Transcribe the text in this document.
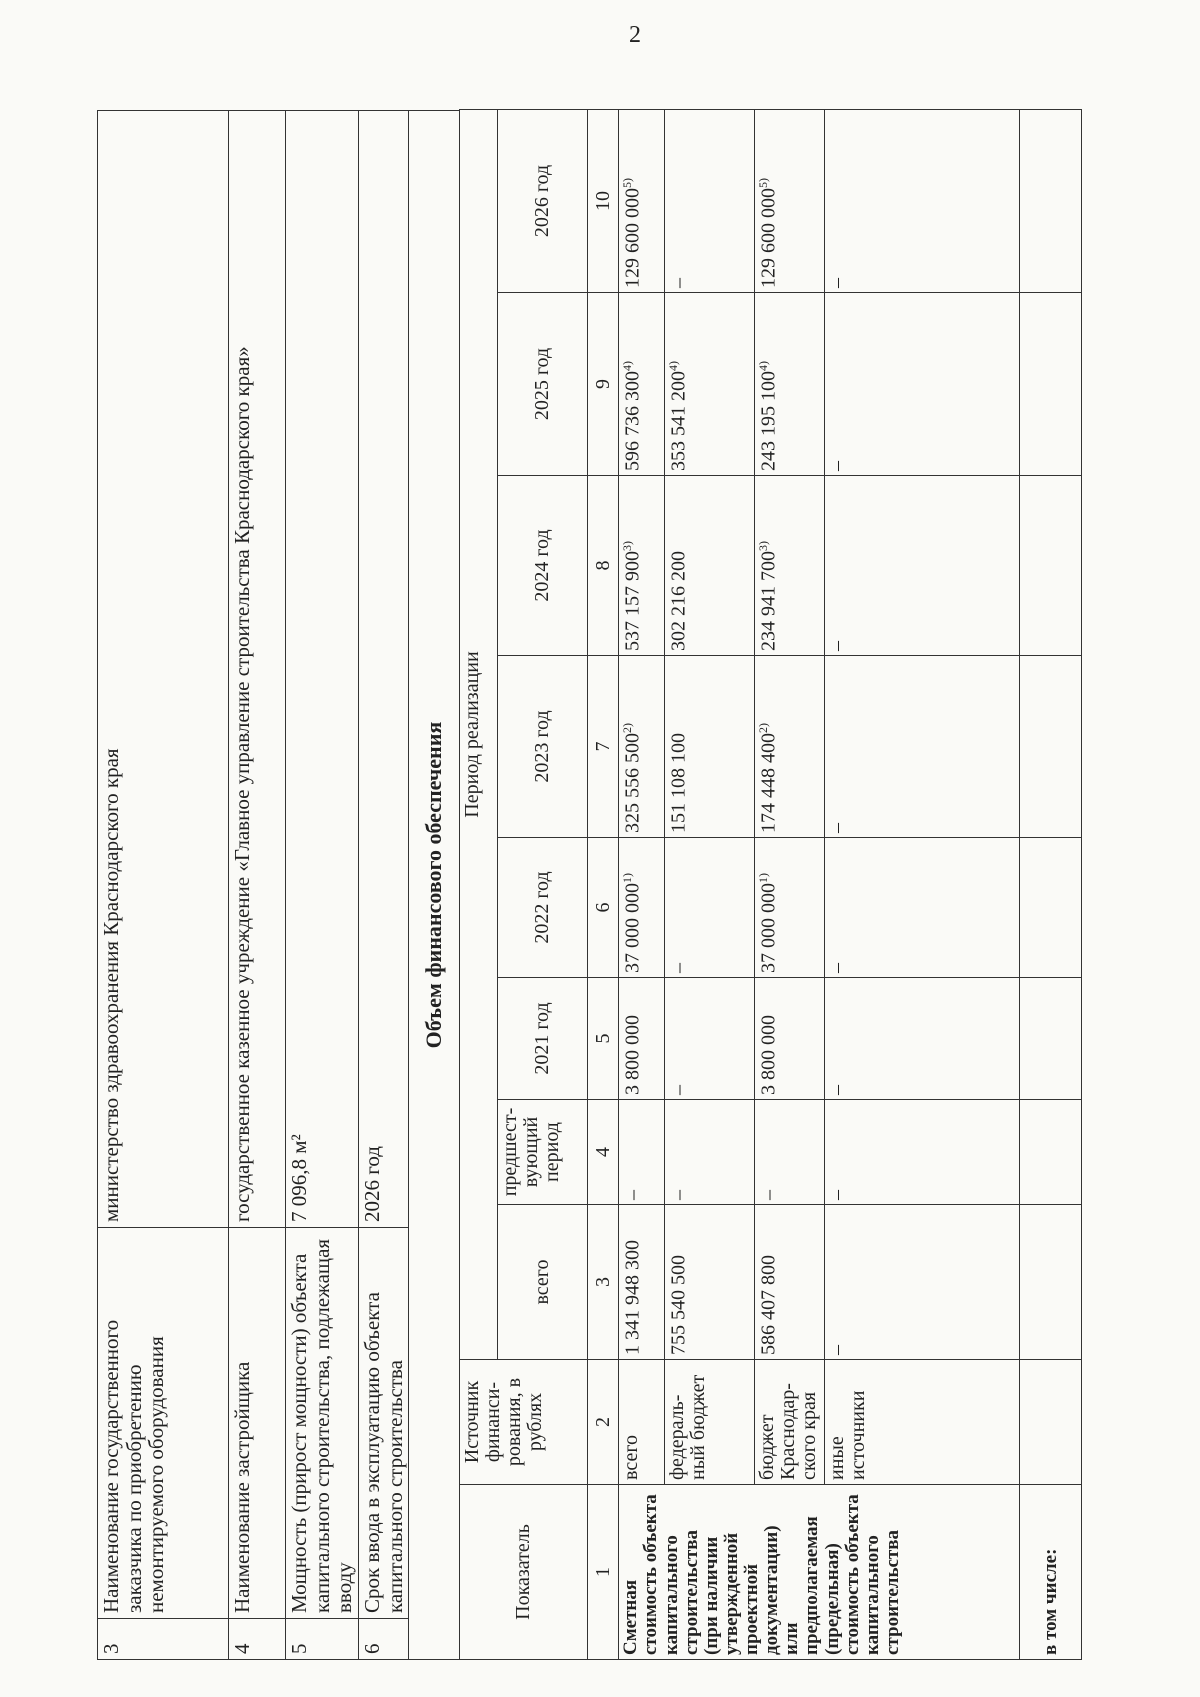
2
3	Наименование государственного заказчика по приобретению немонтируемого оборудования	министерство здравоохранения Краснодарского края
4	Наименование застройщика	государственное казенное учреждение «Главное управление строительства Краснодарского края»
5	Мощность (прирост мощности) объекта капитального строительства, подлежащая вводу	7 096,8 м²
6	Срок ввода в эксплуатацию объекта капитального строительства	2026 год
Объем финансового обеспечения
Показатель	Источник финанси-рования, в рублях	Период реализации							
		всего	предшест-вующий период	2021 год	2022 год	2023 год	2024 год	2025 год	2026 год
1	2	3	4	5	6	7	8	9	10
Сметная стоимость объекта капитального строительства (при наличии утвержденной проектной документации) или предполагаемая (предельная) стоимость объекта капитального строительства	всего	1 341 948 300	–	3 800 000	37 000 000$^{1)}$	325 556 500$^{2)}$	537 157 900$^{3)}$	596 736 300$^{4)}$	129 600 000$^{5)}$
	федераль-ный бюджет	755 540 500	–	–	–	151 108 100	302 216 200	353 541 200$^{4)}$	–
	бюджет Краснодар-ского края	586 407 800	–	3 800 000	37 000 000$^{1)}$	174 448 400$^{2)}$	234 941 700$^{3)}$	243 195 100$^{4)}$	129 600 000$^{5)}$
	иные источники	–	–	–	–	–	–	–	–
в том числе:									
